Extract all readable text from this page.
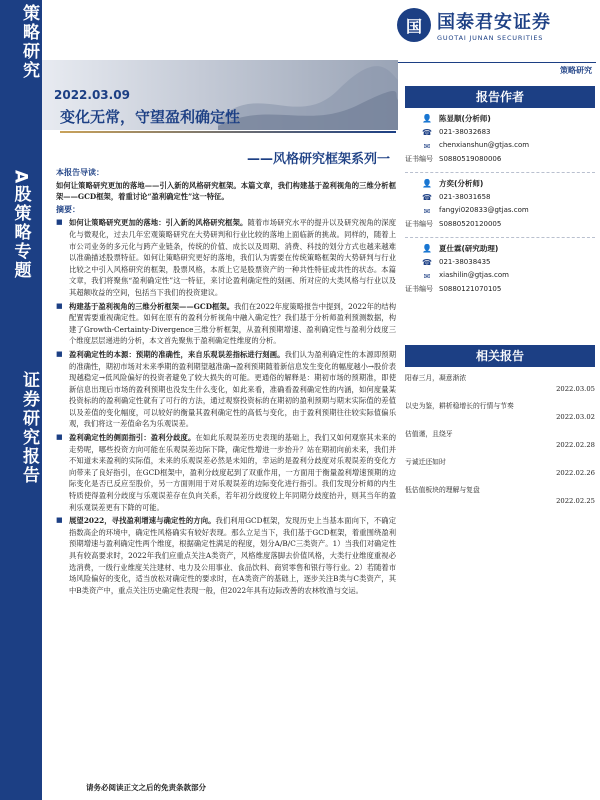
策略研究
A股策略专题
证券研究报告
国 国泰君安证券
GUOTAI JUNAN SECURITIES
策略研究
2022.03.09
变化无常，守望盈利确定性
——风格研究框架系列一
本报告导读：
如何让策略研究更加的落地——引入新的风格研究框架。本篇文章，我们构建基于盈利视角的三维分析框架——GCD框架，着重讨论“盈利确定性”这一特征。
摘要：
■ 如何让策略研究更加的落地：引入新的风格研究框架。随着市场研究水平的提升以及研究视角的深度化与微观化，过去几年宏观策略研究在大势研判和行业比较的落地上面临新的挑战。同样的，随着上市公司业务的多元化与跨产业链条，传统的价值、成长以及周期、消费、科技的划分方式也越来越难以准确描述股票特征。如何让策略研究更好的落地，我们认为需要在传统策略框架的大势研判与行业比较之中引入风格研究的框架，股票风格，本质上它是股票资产的一种共性特征或共性的状态。本篇文章，我们将聚焦“盈利确定性”这一特征，来讨论盈利确定性的刻画、所对应的大类风格与行业以及其超额收益的空间，包括当下我们的投资建议。
■ 构建基于盈利视角的三维分析框架——GCD框架。我们在2022年度策略报告中提到，2022年的结构配置需要重视确定性。如何在原有的盈利分析视角中融入确定性？我们基于分析师盈利预测数据，构建了Growth-Certainty-Divergence三维分析框架，从盈利预期增速、盈利确定性与盈利分歧度三个维度层层递进的分析，本文首先聚焦于盈利确定性维度的分析。
■ 盈利确定性的本源：预期的准确性，来自乐观误差指标进行刻画。我们认为盈利确定性的本源即预期的准确性，期初市场对未来季期的盈利期望越准确→盈利预期随着新信息发生变化的幅度越小→股价表现越稳定→低风险偏好的投资者避免了较大损失的可能。更通俗的解释是：期初市场的预期准，即使新信息出现后市场的盈利预期也没发生什么变化，如此来看，准确看盈利确定性的内涵，如何度量某投资标的的盈利确定性就有了可行的方法，通过观察投资标的在期初的盈利预期与期末实际值的差值以及差值的变化幅度，可以较好的衡量其盈利确定性的高低与变化，由于盈利预期往往较实际值偏乐观，我们将这一差值命名为乐观误差。
■ 盈利确定性的侧面指引：盈利分歧度。在如此乐观误差历史表现的基础上，我们又如何观察其未来的走势呢，哪些投资方向可能在乐观误差边际下降，确定性增进一步抬升？站在期初向前未来，我们并不知道未来盈利的实际值，未来的乐观误差必然是未知的，幸运的是盈利分歧度对乐观误差的变化方向带来了良好指引，在GCD框架中，盈利分歧度起到了双重作用，一方面用于衡量盈利增速预期的边际变化是否已反应至股价，另一方面则用于对乐观误差的边际变化进行指引。我们发现分析师的内生特质使得盈利分歧度与乐观误差存在负向关系，若年初分歧度较上年同期分歧度抬升，则其当年的盈利乐观误差更有下降的可能。
■ 展望2022，寻找盈利增速与确定性的方向。我们利用GCD框架，发现历史上当基本面向下，不确定指数高企的环境中，确定性风格确实有较好表现。那么立足当下，我们基于GCD框架，着重围绕盈利预期增速与盈利确定性两个维度，根据确定性满足的程度，划分A/B/C三类资产。1）当我们对确定性具有较高要求时，2022年我们应重点关注A类资产，风格维度落脚去价值风格，大类行业维度重视必选消费，一级行业维度关注建材、电力及公用事业、食品饮料、商贸零售和银行等行业。2）若随着市场风险偏好的变化，适当放松对确定性的要求时，在A类资产的基础上，逐步关注B类与C类资产，其中B类资产中，重点关注历史确定性表现一般，但2022年具有边际改善的农林牧渔与交运。
报告作者
👤
☎
✉
陈显顺(分析师)
021-38032683
chenxianshun@gtjas.com
证书编号 S0880519080006
👤
☎
✉
方奕(分析师)
021-38031658
fangyi020833@gtjas.com
证书编号 S0880520120005
👤
☎
✉
夏仕霖(研究助理)
021-38038435
xiashilin@gtjas.com
证书编号 S0880121070105
相关报告
阳春三月，凝意渐浓
2022.03.05
以史为鉴，耕析稳增长的行情与节奏
2022.03.02
估值谨，且绕牙
2022.02.28
亏诚迁还如时
2022.02.26
低估值板块的理解与复盘
2022.02.25
请务必阅读正文之后的免责条款部分
